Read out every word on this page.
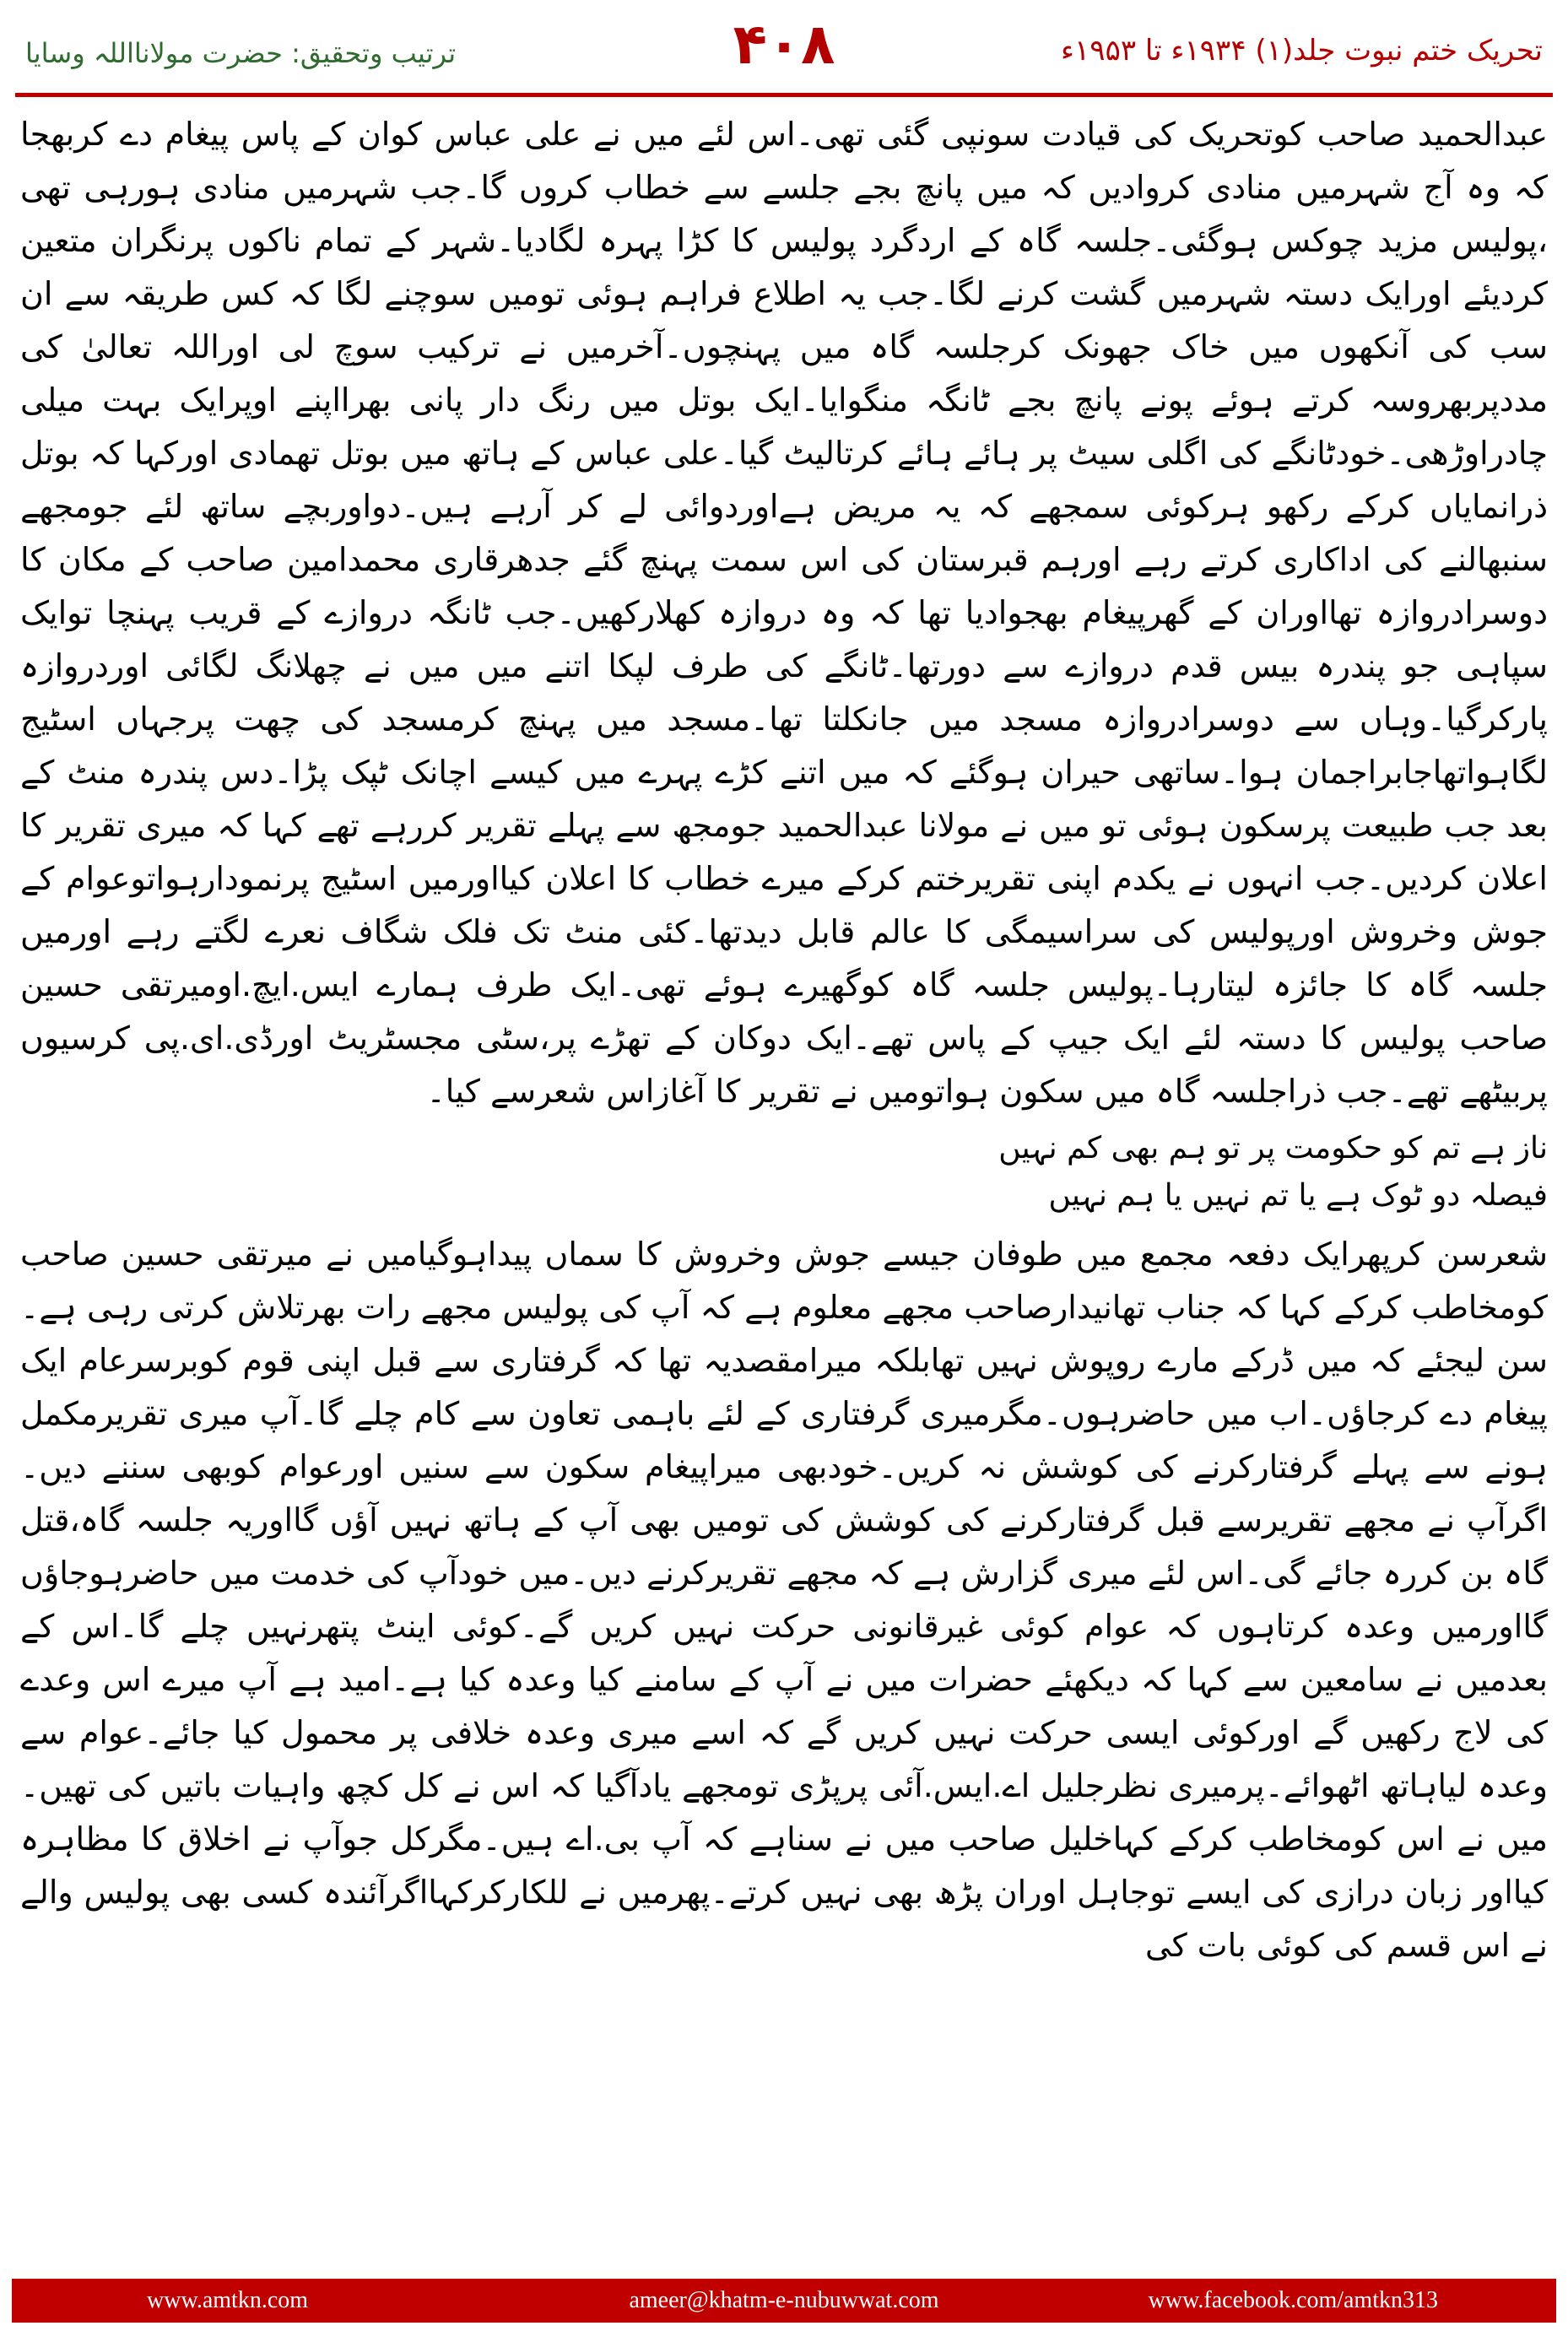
تحریک ختم نبوت جلد(۱) ۱۹۳۴ء تا ۱۹۵۳ء
۴۰۸
ترتیب وتحقیق: حضرت مولانااللہ وسایا

عبدالحمید صاحب کوتحریک کی قیادت سونپی گئی تھی۔اس لئے میں نے علی عباس کوان کے پاس پیغام دے کربھجا کہ وہ آج شہرمیں منادی کروادیں کہ میں پانچ بجے جلسے سے خطاب کروں گا۔جب شہرمیں منادی ہورہی تھی ،پولیس مزید چوکس ہوگئی۔جلسہ گاہ کے اردگرد پولیس کا کڑا پہرہ لگادیا۔شہر کے تمام ناکوں پرنگران متعین کردیئے اورایک دستہ شہرمیں گشت کرنے لگا۔جب یہ اطلاع فراہم ہوئی تومیں سوچنے لگا کہ کس طریقہ سے ان سب کی آنکھوں میں خاک جھونک کرجلسہ گاہ میں پہنچوں۔آخرمیں نے ترکیب سوچ لی اوراللہ تعالیٰ کی مددپربھروسہ کرتے ہوئے پونے پانچ بجے ٹانگہ منگوایا۔ایک بوتل میں رنگ دار پانی بھرااپنے اوپرایک بہت میلی چادراوڑھی۔خودٹانگے کی اگلی سیٹ پر ہائے ہائے کرتالیٹ گیا۔علی عباس کے ہاتھ میں بوتل تھمادی اورکہا کہ بوتل ذرانمایاں کرکے رکھو ہرکوئی سمجھے کہ یہ مریض ہےاوردوائی لے کر آرہے ہیں۔دواوربچے ساتھ لئے جومجھے سنبھالنے کی اداکاری کرتے رہے اورہم قبرستان کی اس سمت پہنچ گئے جدھرقاری محمدامین صاحب کے مکان کا دوسرادروازہ تھااوران کے گھرپیغام بھجوادیا تھا کہ وہ دروازہ کھلارکھیں۔جب ٹانگہ دروازے کے قریب پہنچا توایک سپاہی جو پندرہ بیس قدم دروازے سے دورتھا۔ٹانگے کی طرف لپکا اتنے میں میں نے چھلانگ لگائی اوردروازہ پارکرگیا۔وہاں سے دوسرادروازہ مسجد میں جانکلتا تھا۔مسجد میں پہنچ کرمسجد کی چھت پرجہاں اسٹیج لگاہواتھاجابراجمان ہوا۔ساتھی حیران ہوگئے کہ میں اتنے کڑے پہرے میں کیسے اچانک ٹپک پڑا۔دس پندرہ منٹ کے بعد جب طبیعت پرسکون ہوئی تو میں نے مولانا عبدالحمید جومجھ سے پہلے تقریر کررہے تھے کہا کہ میری تقریر کا اعلان کردیں۔جب انہوں نے یکدم اپنی تقریرختم کرکے میرے خطاب کا اعلان کیااورمیں اسٹیج پرنمودارہواتوعوام کے جوش وخروش اورپولیس کی سراسیمگی کا عالم قابل دیدتھا۔کئی منٹ تک فلک شگاف نعرے لگتے رہے اورمیں جلسہ گاہ کا جائزہ لیتارہا۔پولیس جلسہ گاہ کوگھیرے ہوئے تھی۔ایک طرف ہمارے ایس.ایچ.اومیرتقی حسین صاحب پولیس کا دستہ لئے ایک جیپ کے پاس تھے۔ایک دوکان کے تھڑے پر،سٹی مجسٹریٹ اورڈی.ای.پی کرسیوں پربیٹھے تھے۔جب ذراجلسہ گاہ میں سکون ہواتومیں نے تقریر کا آغازاس شعرسے کیا۔

ناز ہے تم کو حکومت پر تو ہم بھی کم نہیں
فیصلہ دو ٹوک ہے یا تم نہیں یا ہم نہیں

شعرسن کرپھرایک دفعہ مجمع میں طوفان جیسے جوش وخروش کا سماں پیداہوگیامیں نے میرتقی حسین صاحب کومخاطب کرکے کہا کہ جناب تھانیدارصاحب مجھے معلوم ہے کہ آپ کی پولیس مجھے رات بھرتلاش کرتی رہی ہے۔سن لیجئے کہ میں ڈرکے مارے روپوش نہیں تھابلکہ میرامقصدیہ تھا کہ گرفتاری سے قبل اپنی قوم کوبرسرعام ایک پیغام دے کرجاؤں۔اب میں حاضرہوں۔مگرمیری گرفتاری کے لئے باہمی تعاون سے کام چلے گا۔آپ میری تقریرمکمل ہونے سے پہلے گرفتارکرنے کی کوشش نہ کریں۔خودبھی میراپیغام سکون سے سنیں اورعوام کوبھی سننے دیں۔اگرآپ نے مجھے تقریرسے قبل گرفتارکرنے کی کوشش کی تومیں بھی آپ کے ہاتھ نہیں آؤں گااوریہ جلسہ گاہ،قتل گاہ بن کررہ جائے گی۔اس لئے میری گزارش ہے کہ مجھے تقریرکرنے دیں۔میں خودآپ کی خدمت میں حاضرہوجاؤں گااورمیں وعدہ کرتاہوں کہ عوام کوئی غیرقانونی حرکت نہیں کریں گے۔کوئی اینٹ پتھرنہیں چلے گا۔اس کے بعدمیں نے سامعین سے کہا کہ دیکھئے حضرات میں نے آپ کے سامنے کیا وعدہ کیا ہے۔امید ہے آپ میرے اس وعدے کی لاج رکھیں گے اورکوئی ایسی حرکت نہیں کریں گے کہ اسے میری وعدہ خلافی پر محمول کیا جائے۔عوام سے وعدہ لیاہاتھ اٹھوائے۔پرمیری نظرجلیل اے.ایس.آئی پرپڑی تومجھے یادآگیا کہ اس نے کل کچھ واہیات باتیں کی تھیں۔میں نے اس کومخاطب کرکے کہاخلیل صاحب میں نے سناہے کہ آپ بی.اے ہیں۔مگرکل جوآپ نے اخلاق کا مظاہرہ کیااور زبان درازی کی ایسے توجاہل اوران پڑھ بھی نہیں کرتے۔پھرمیں نے للکارکرکہااگرآئندہ کسی بھی پولیس والے نے اس قسم کی کوئی بات کی

www.amtkn.com	ameer@khatm-e-nubuwwat.com	www.facebook.com/amtkn313
